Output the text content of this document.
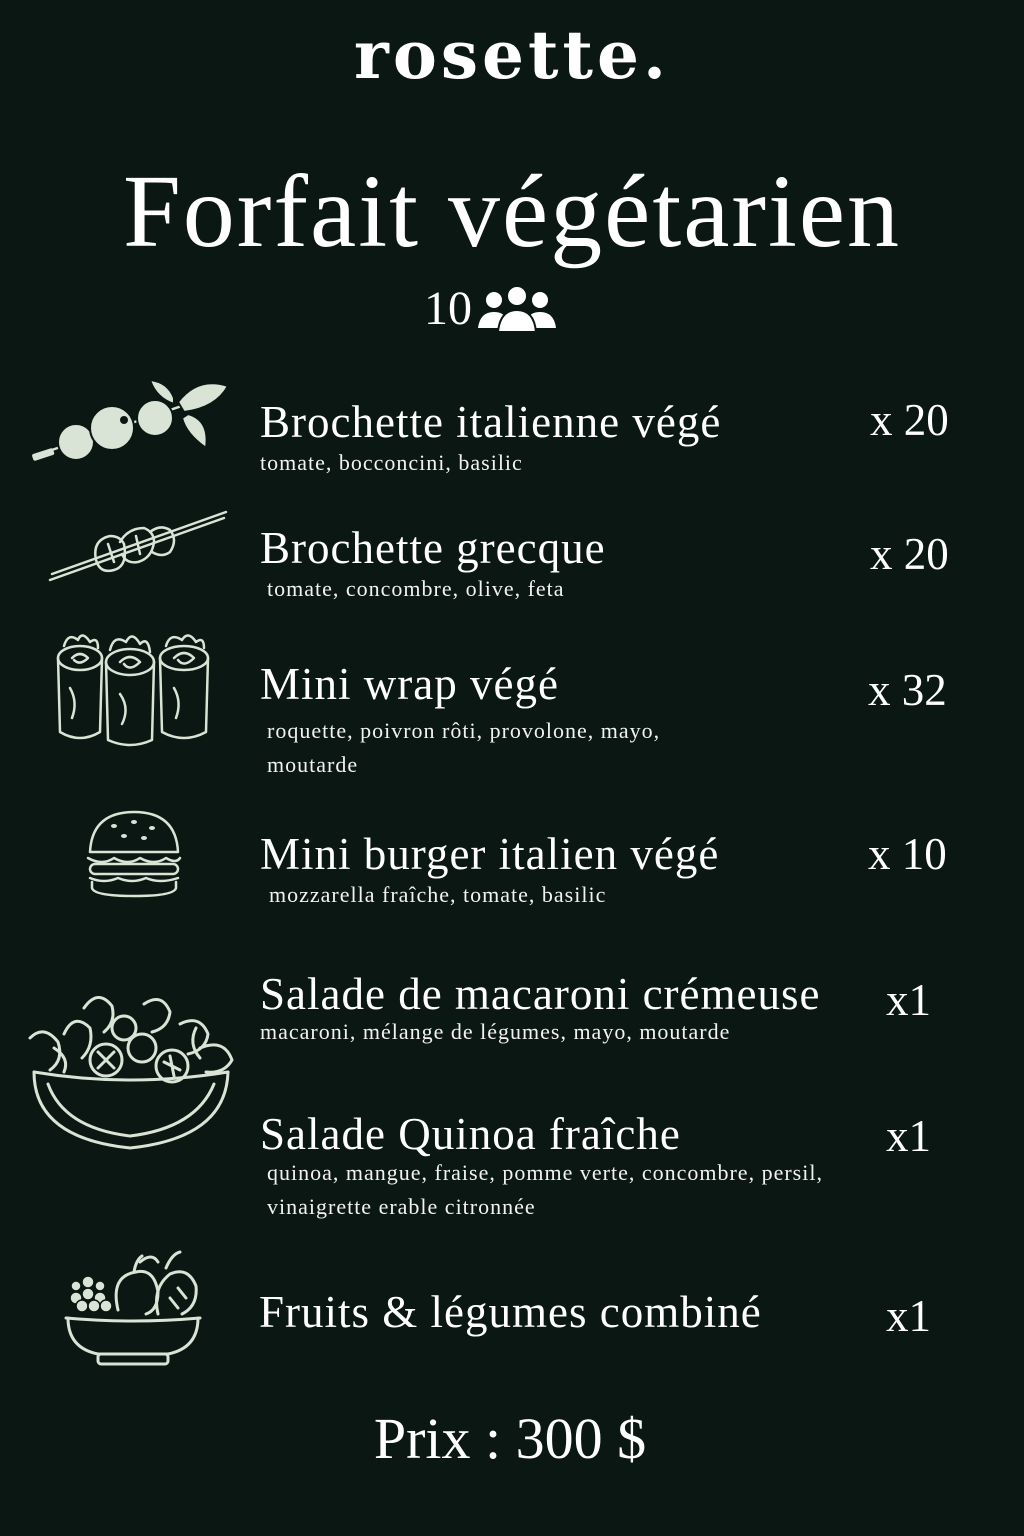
rosette.
Forfait végétarien
10
Brochette italienne végé
tomate, bocconcini, basilic
x 20
Brochette grecque
tomate, concombre, olive, feta
x 20
Mini wrap végé
roquette, poivron rôti, provolone, mayo, moutarde
x 32
Mini burger italien végé
mozzarella fraîche, tomate, basilic
x 10
Salade de macaroni crémeuse
macaroni, mélange de légumes, mayo, moutarde
x1
Salade Quinoa fraîche
quinoa, mangue, fraise, pomme verte, concombre, persil, vinaigrette erable citronnée
x1
Fruits & légumes combiné	x1
Prix : 300 $
